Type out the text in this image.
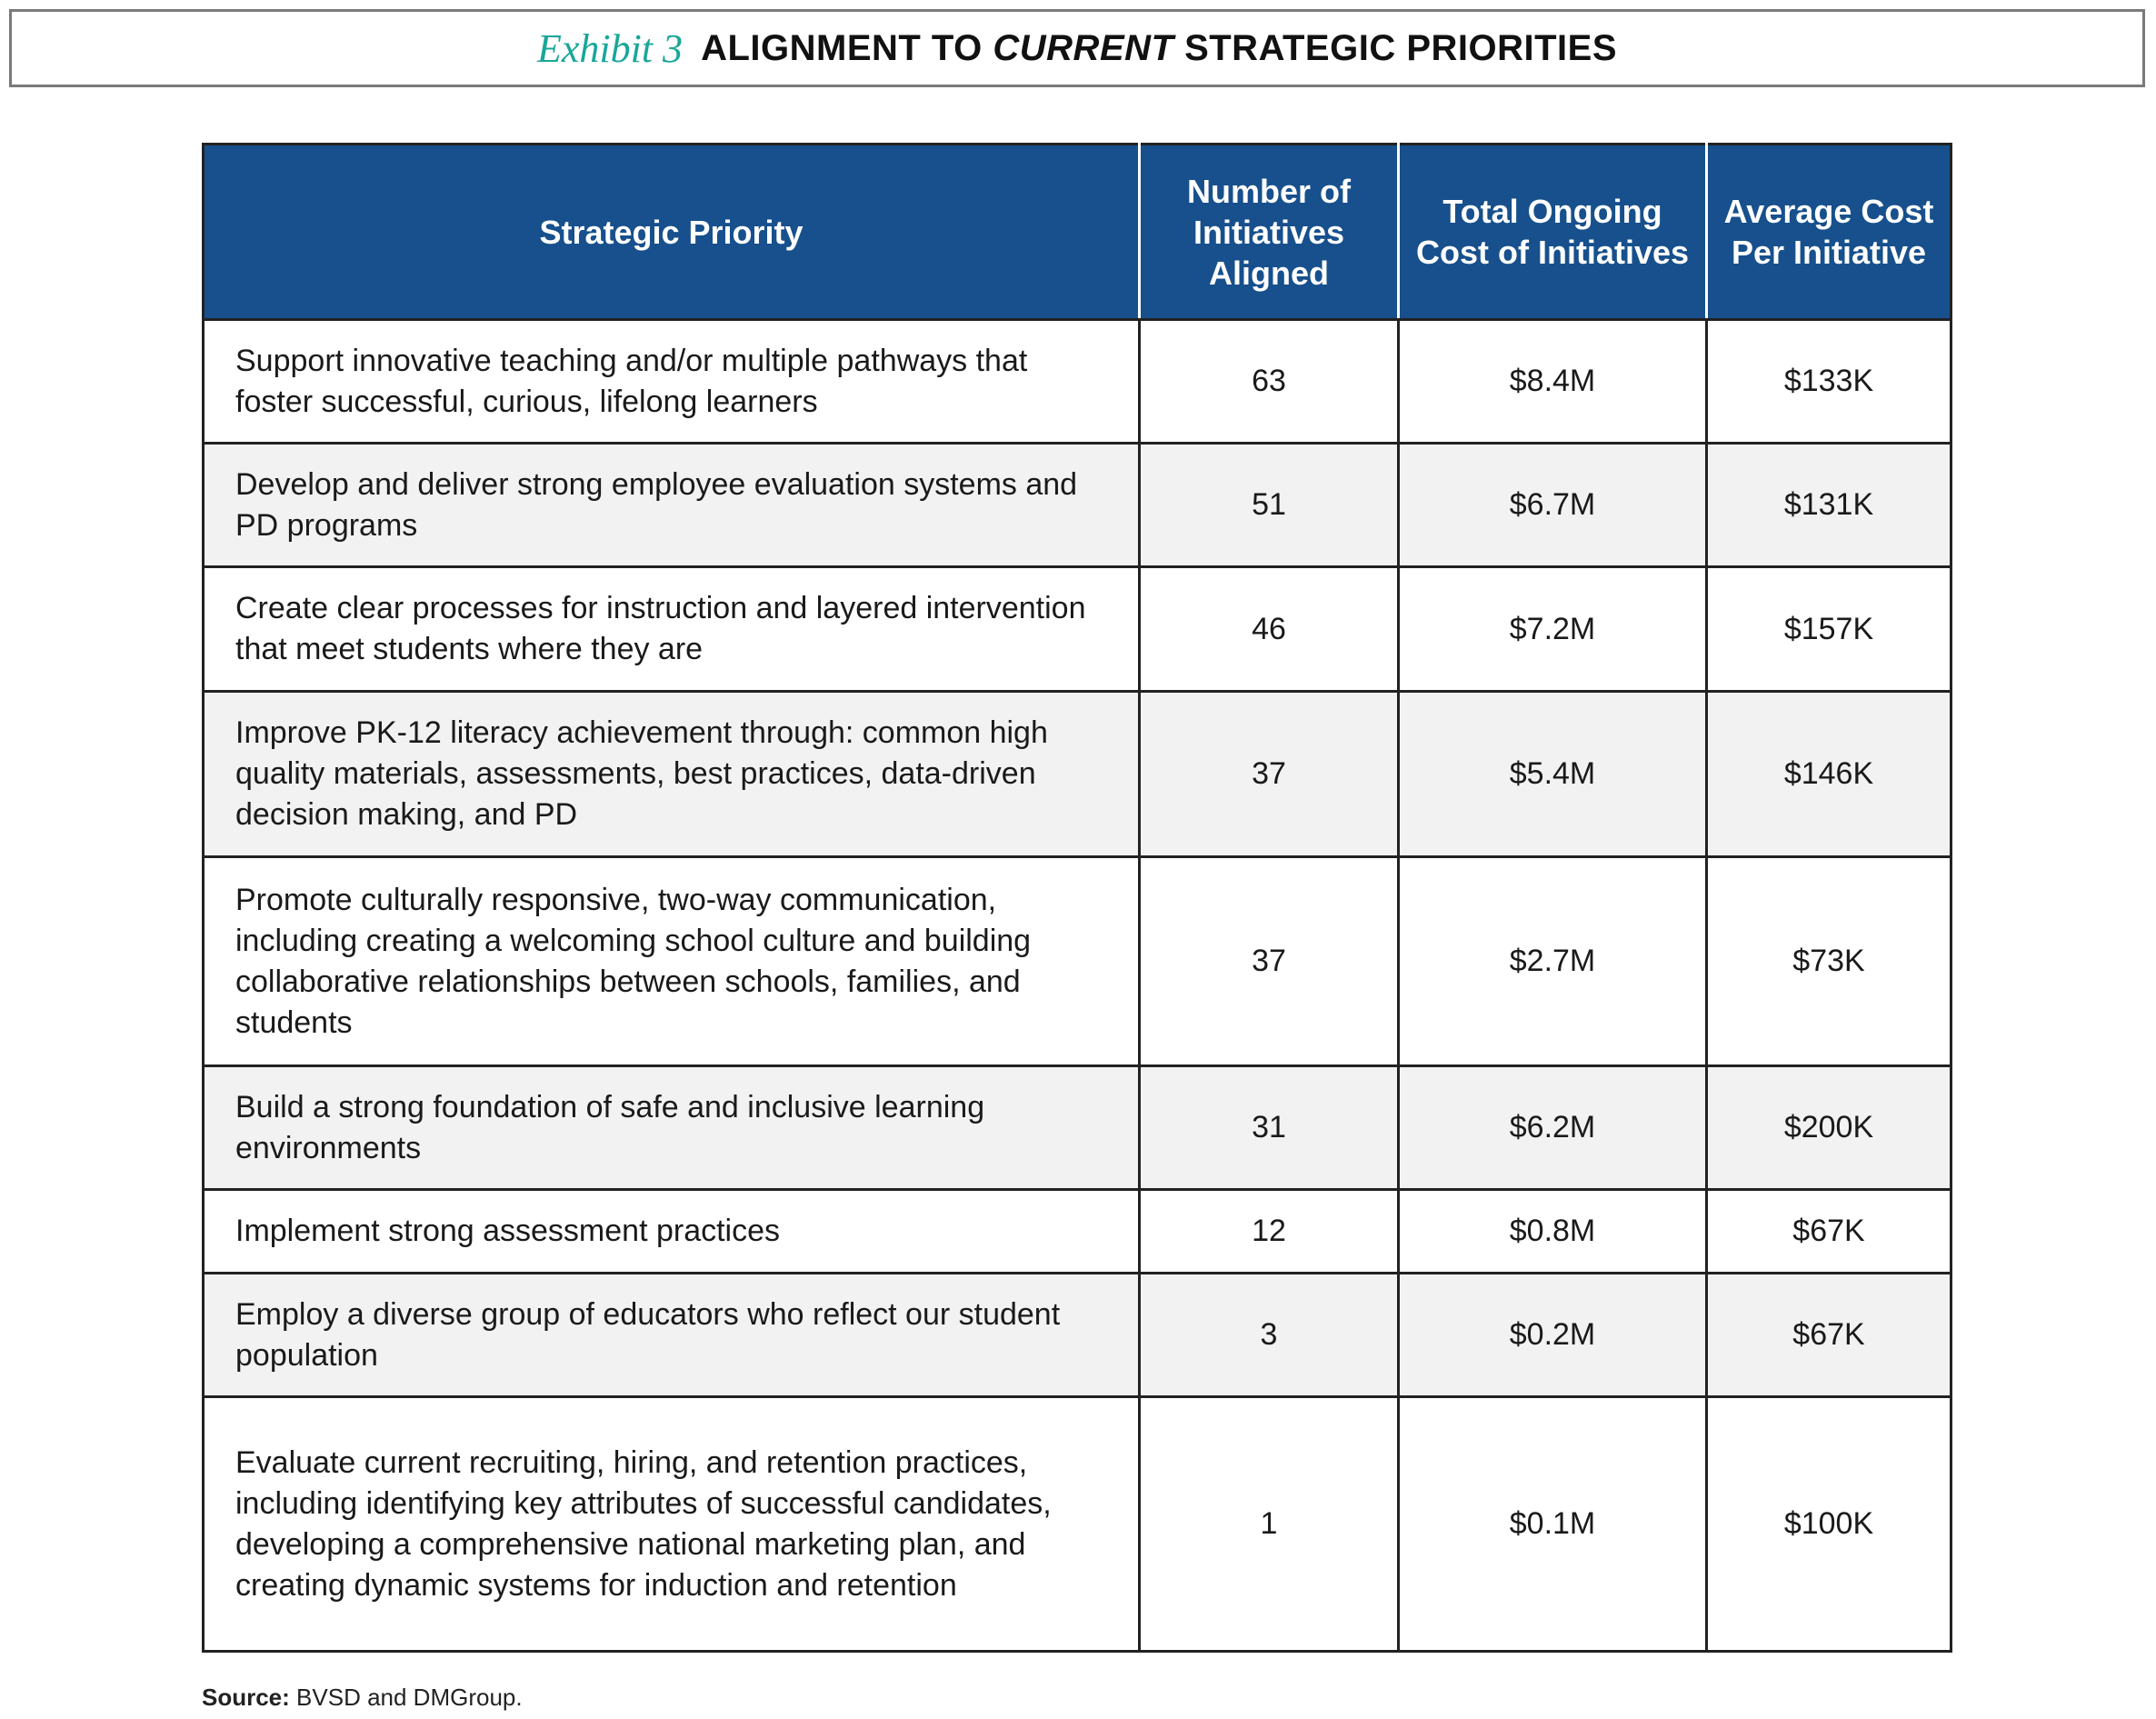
Exhibit 3 ALIGNMENT TO CURRENT STRATEGIC PRIORITIES
Strategic Priority	Number of Initiatives Aligned	Total Ongoing Cost of Initiatives	Average Cost Per Initiative
Support innovative teaching and/or multiple pathways that foster successful, curious, lifelong learners	63	$8.4M	$133K
Develop and deliver strong employee evaluation systems and PD programs	51	$6.7M	$131K
Create clear processes for instruction and layered intervention that meet students where they are	46	$7.2M	$157K
Improve PK-12 literacy achievement through: common high quality materials, assessments, best practices, data-driven decision making, and PD	37	$5.4M	$146K
Promote culturally responsive, two-way communication, including creating a welcoming school culture and building collaborative relationships between schools, families, and students	37	$2.7M	$73K
Build a strong foundation of safe and inclusive learning environments	31	$6.2M	$200K
Implement strong assessment practices	12	$0.8M	$67K
Employ a diverse group of educators who reflect our student population	3	$0.2M	$67K
Evaluate current recruiting, hiring, and retention practices, including identifying key attributes of successful candidates, developing a comprehensive national marketing plan, and creating dynamic systems for induction and retention	1	$0.1M	$100K
Source: BVSD and DMGroup.
